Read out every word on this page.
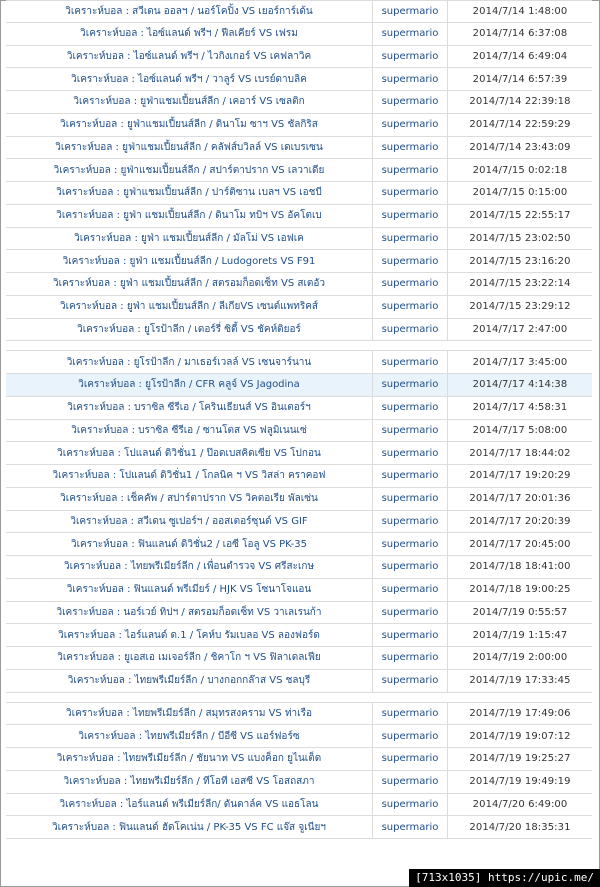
วิเคราะห์บอล : สวีเดน ออลฯ / นอร์โคปิ้ง VS เยอร์การ์เด้น	supermario	2014/7/14 1:48:00
วิเคราะห์บอล : ไอซ์แลนด์ พรีฯ / ฟีลเคียร์ VS เฟรม	supermario	2014/7/14 6:37:08
วิเคราะห์บอล : ไอซ์แลนด์ พรีฯ / ไวกิงเกอร์ VS เคฟลาวิค	supermario	2014/7/14 6:49:04
วิเคราะห์บอล : ไอซ์แลนด์ พรีฯ / วาลูร์ VS เบรย์ดาบลิค	supermario	2014/7/14 6:57:39
วิเคราะห์บอล : ยูฟ่าแชมเปี้ยนส์ลีก / เคอาร์ VS เซลติก	supermario	2014/7/14 22:39:18
วิเคราะห์บอล : ยูฟ่าแชมเปี้ยนส์ลีก / ดินาโม ซาฯ VS ชัลกิริส	supermario	2014/7/14 22:59:29
วิเคราะห์บอล : ยูฟ่าแชมเปี้ยนส์ลีก / คลัฟส์บวิลล์ VS เดเบรเซน	supermario	2014/7/14 23:43:09
วิเคราะห์บอล : ยูฟ่าแชมเปี้ยนส์ลีก / สปาร์ตาปราก VS เลวาเดีย	supermario	2014/7/15 0:02:18
วิเคราะห์บอล : ยูฟ่าแชมเปี้ยนส์ลีก / ปาร์ติซาน เบลฯ VS เอชบี	supermario	2014/7/15 0:15:00
วิเคราะห์บอล : ยูฟ่า แชมเปี้ยนส์ลีก / ดินาโม ทบิฯ VS อัคโตเบ	supermario	2014/7/15 22:55:17
วิเคราะห์บอล : ยูฟ่า แชมเปี้ยนส์ลีก / มัลโม่ VS เอฟเค	supermario	2014/7/15 23:02:50
วิเคราะห์บอล : ยูฟ่า แชมเปี้ยนส์ลีก / Ludogorets VS F91	supermario	2014/7/15 23:16:20
วิเคราะห์บอล : ยูฟ่า แชมเปี้ยนส์ลีก / สตรอมก็อดเซ็ท VS สเตอัว	supermario	2014/7/15 23:22:14
วิเคราะห์บอล : ยูฟ่า แชมเปี้ยนส์ลีก / ลีเกียVS เซนต์แพทริคส์	supermario	2014/7/15 23:29:12
วิเคราะห์บอล : ยูโรป้าลีก / เดอร์รี่ ซิตี้ VS ชัคห์ติยอร์	supermario	2014/7/17 2:47:00
วิเคราะห์บอล : ยูโรป้าลีก / มาเธอร์เวลล์ VS เซนจาร์นาน	supermario	2014/7/17 3:45:00
วิเคราะห์บอล : ยูโรป้าลีก / CFR คลูจ์ VS Jagodina	supermario	2014/7/17 4:14:38
วิเคราะห์บอล : บราซิล ซีรีเอ / โครินเธียนส์ VS อินเตอร์ฯ	supermario	2014/7/17 4:58:31
วิเคราะห์บอล : บราซิล ซีรีเอ / ซานโตส VS ฟลูมิเนนเซ่	supermario	2014/7/17 5:08:00
วิเคราะห์บอล : โปแลนด์ ดิวิชั่น1 / ป๊อดเบสคิดเซีย VS โปกอน	supermario	2014/7/17 18:44:02
วิเคราะห์บอล : โปแลนด์ ดิวิชั่น1 / โกลนิค ฯ VS วิสล่า คราคอฟ	supermario	2014/7/17 19:20:29
วิเคราะห์บอล : เช็คคัพ / สปาร์ตาปราก VS วิคตอเรีย พัลเซ่น	supermario	2014/7/17 20:01:36
วิเคราะห์บอล : สวีเดน ซูเปอร์ฯ / ออสเตอร์ซุนด์ VS GIF	supermario	2014/7/17 20:20:39
วิเคราะห์บอล : ฟินแลนด์ ดิวิชั่น2 / เอซี โอลู VS PK-35	supermario	2014/7/17 20:45:00
วิเคราะห์บอล : ไทยพรีเมียร์ลีก / เพื่อนตำรวจ VS ศรีสะเกษ	supermario	2014/7/18 18:41:00
วิเคราะห์บอล : ฟินแลนด์ พรีเมียร์ / HJK VS โซนาโจแอน	supermario	2014/7/18 19:00:25
วิเคราะห์บอล : นอร์เวย์ ทิปฯ / สตรอมก็อดเซ็ท VS วาเลเรนก้า	supermario	2014/7/19 0:55:57
วิเคราะห์บอล : ไอร์แลนด์ ด.1 / โคห์บ รัมเบลอ VS ลองฟอร์ด	supermario	2014/7/19 1:15:47
วิเคราะห์บอล : ยูเอสเอ เมเจอร์ลีก / ชิคาโก ฯ VS ฟิลาเดลเฟีย	supermario	2014/7/19 2:00:00
วิเคราะห์บอล : ไทยพรีเมียร์ลีก / บางกอกกล๊าส VS ชลบุรี	supermario	2014/7/19 17:33:45
วิเคราะห์บอล : ไทยพรีเมียร์ลีก / สมุทรสงคราม VS ท่าเรือ	supermario	2014/7/19 17:49:06
วิเคราะห์บอล : ไทยพรีเมียร์ลีก / บีอีซี VS แอร์ฟอร์ซ	supermario	2014/7/19 19:07:12
วิเคราะห์บอล : ไทยพรีเมียร์ลีก / ชัยนาท VS แบงค็อก ยูไนเต็ด	supermario	2014/7/19 19:25:27
วิเคราะห์บอล : ไทยพรีเมียร์ลีก / ทีโอที เอสซี VS โอสถสภา	supermario	2014/7/19 19:49:19
วิเคราะห์บอล : ไอร์แลนด์ พรีเมียร์ลีก/ ดันดาล์ค VS แอธโลน	supermario	2014/7/20 6:49:00
วิเคราะห์บอล : ฟินแลนด์ ฮัดโคเน่น / PK-35 VS FC แจ๊ส จูเนียฯ	supermario	2014/7/20 18:35:31
[713x1035] https://upic.me/
